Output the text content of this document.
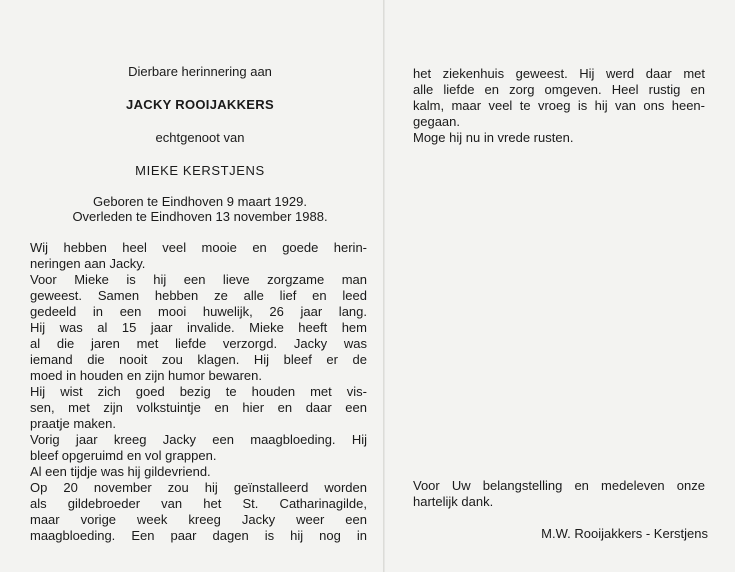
Dierbare herinnering aan
JACKY ROOIJAKKERS
echtgenoot van
MIEKE KERSTJENS
Geboren te Eindhoven 9 maart 1929.
Overleden te Eindhoven 13 november 1988.
Wij hebben heel veel mooie en goede herin-
neringen aan Jacky.
Voor Mieke is hij een lieve zorgzame man
geweest. Samen hebben ze alle lief en leed
gedeeld in een mooi huwelijk, 26 jaar lang.
Hij was al 15 jaar invalide. Mieke heeft hem
al die jaren met liefde verzorgd. Jacky was
iemand die nooit zou klagen. Hij bleef er de
moed in houden en zijn humor bewaren.
Hij wist zich goed bezig te houden met vis-
sen, met zijn volkstuintje en hier en daar een
praatje maken.
Vorig jaar kreeg Jacky een maagbloeding. Hij
bleef opgeruimd en vol grappen.
Al een tijdje was hij gildevriend.
Op 20 november zou hij geïnstalleerd worden
als gildebroeder van het St. Catharinagilde,
maar vorige week kreeg Jacky weer een
maagbloeding. Een paar dagen is hij nog in
het ziekenhuis geweest. Hij werd daar met
alle liefde en zorg omgeven. Heel rustig en
kalm, maar veel te vroeg is hij van ons heen-
gegaan.
Moge hij nu in vrede rusten.
Voor Uw belangstelling en medeleven onze
hartelijk dank.
M.W. Rooijakkers - Kerstjens
